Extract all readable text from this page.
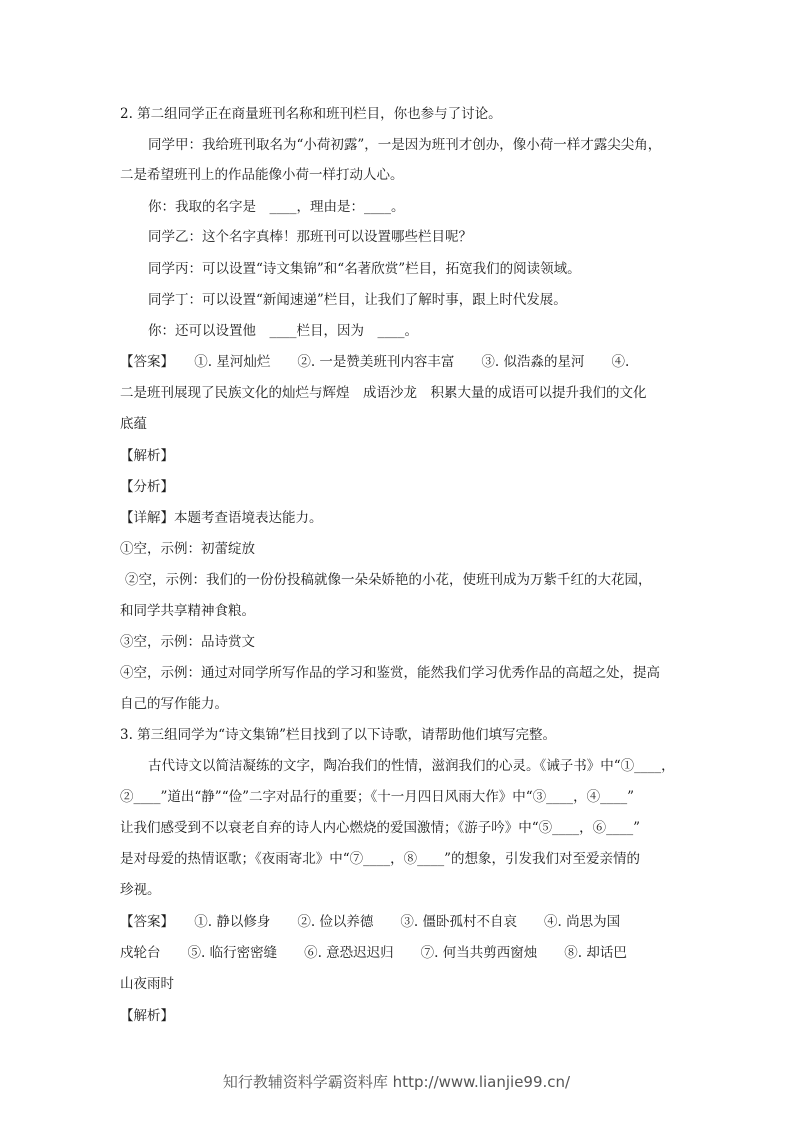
2. 第二组同学正在商量班刊名称和班刊栏目，你也参与了讨论。
同学甲：我给班刊取名为“小荷初露”，一是因为班刊才创办，像小荷一样才露尖尖角，
二是希望班刊上的作品能像小荷一样打动人心。
你：我取的名字是　____，理由是：____。
同学乙：这个名字真棒！那班刊可以设置哪些栏目呢？
同学丙：可以设置“诗文集锦”和“名著欣赏”栏目，拓宽我们的阅读领域。
同学丁：可以设置“新闻速递”栏目，让我们了解时事，跟上时代发展。
你：还可以设置他　____栏目，因为　____。
【答案】　　①. 星河灿烂　　②. 一是赞美班刊内容丰富　　③. 似浩淼的星河　　④.
二是班刊展现了民族文化的灿烂与辉煌　成语沙龙　积累大量的成语可以提升我们的文化
底蕴
【解析】
【分析】
【详解】本题考查语境表达能力。
①空，示例：初蕾绽放
②空，示例：我们的一份份投稿就像一朵朵娇艳的小花，使班刊成为万紫千红的大花园，
和同学共享精神食粮。
③空，示例：品诗赏文
④空，示例：通过对同学所写作品的学习和鉴赏，能然我们学习优秀作品的高超之处，提高
自己的写作能力。
3. 第三组同学为“诗文集锦”栏目找到了以下诗歌，请帮助他们填写完整。
古代诗文以简洁凝练的文字，陶冶我们的性情，滋润我们的心灵。《诫子书》中“①____，
②____”道出“静”“俭”二字对品行的重要；《十一月四日风雨大作》中“③____，④____”
让我们感受到不以衰老自弃的诗人内心燃烧的爱国激情；《游子吟》中“⑤____，⑥____”
是对母爱的热情讴歌；《夜雨寄北》中“⑦____，⑧____”的想象，引发我们对至爱亲情的
珍视。
【答案】　　①. 静以修身　　②. 俭以养德　　③. 僵卧孤村不自哀　　④. 尚思为国
戍轮台　　⑤. 临行密密缝　　⑥. 意恐迟迟归　　⑦. 何当共剪西窗烛　　⑧. 却话巴
山夜雨时
【解析】
知行教辅资料学霸资料库 http://www.lianjie99.cn/
